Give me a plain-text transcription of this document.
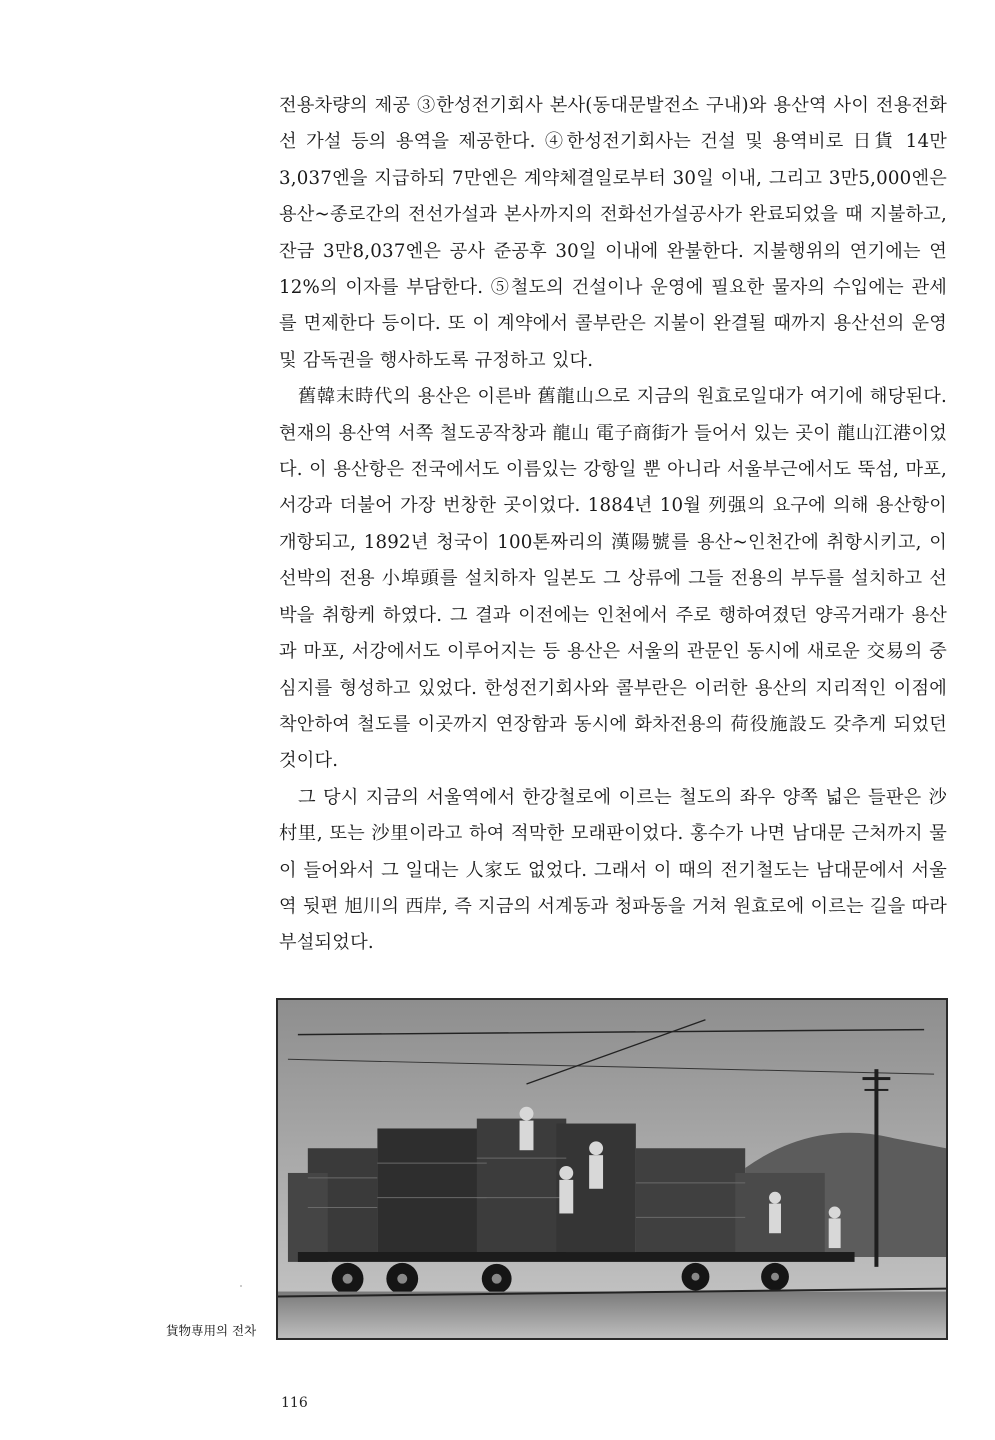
전용차량의 제공 ③한성전기회사 본사(동대문발전소 구내)와 용산역 사이 전용전화선 가설 등의 용역을 제공한다. ④한성전기회사는 건설 및 용역비로 日貨 14만3,037엔을 지급하되 7만엔은 계약체결일로부터 30일 이내, 그리고 3만5,000엔은 용산~종로간의 전선가설과 본사까지의 전화선가설공사가 완료되었을 때 지불하고, 잔금 3만8,037엔은 공사 준공후 30일 이내에 완불한다. 지불행위의 연기에는 연 12%의 이자를 부담한다. ⑤철도의 건설이나 운영에 필요한 물자의 수입에는 관세를 면제한다 등이다. 또 이 계약에서 콜부란은 지불이 완결될 때까지 용산선의 운영 및 감독권을 행사하도록 규정하고 있다.

舊韓末時代의 용산은 이른바 舊龍山으로 지금의 원효로일대가 여기에 해당된다. 현재의 용산역 서쪽 철도공작창과 龍山 電子商街가 들어서 있는 곳이 龍山江港이었다. 이 용산항은 전국에서도 이름있는 강항일 뿐 아니라 서울부근에서도 뚝섬, 마포, 서강과 더불어 가장 번창한 곳이었다. 1884년 10월 列强의 요구에 의해 용산항이 개항되고, 1892년 청국이 100톤짜리의 漢陽號를 용산~인천간에 취항시키고, 이 선박의 전용 小埠頭를 설치하자 일본도 그 상류에 그들 전용의 부두를 설치하고 선박을 취항케 하였다. 그 결과 이전에는 인천에서 주로 행하여졌던 양곡거래가 용산과 마포, 서강에서도 이루어지는 등 용산은 서울의 관문인 동시에 새로운 交易의 중심지를 형성하고 있었다. 한성전기회사와 콜부란은 이러한 용산의 지리적인 이점에 착안하여 철도를 이곳까지 연장함과 동시에 화차전용의 荷役施設도 갖추게 되었던 것이다.

그 당시 지금의 서울역에서 한강철로에 이르는 철도의 좌우 양쪽 넓은 들판은 沙村里, 또는 沙里이라고 하여 적막한 모래판이었다. 홍수가 나면 남대문 근처까지 물이 들어와서 그 일대는 人家도 없었다. 그래서 이 때의 전기철도는 남대문에서 서울역 뒷편 旭川의 西岸, 즉 지금의 서계동과 청파동을 거쳐 원효로에 이르는 길을 따라 부설되었다.

貨物専用의 전차
116
